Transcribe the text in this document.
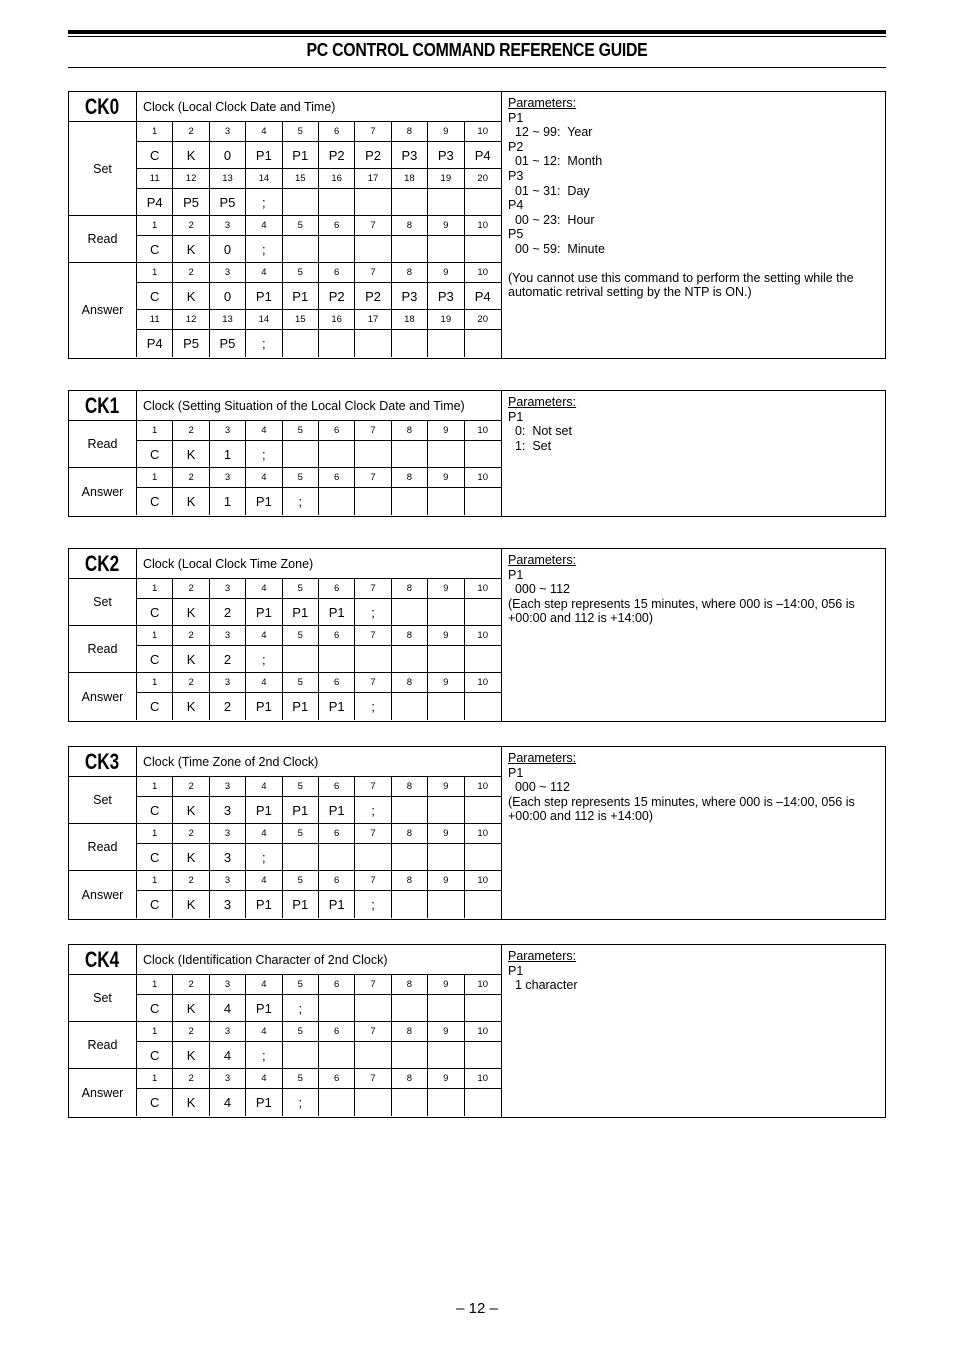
PC CONTROL COMMAND REFERENCE GUIDE
CK0	Clock (Local Clock Date and Time)
Set
1	2	3	4	5	6	7	8	9	10
C	K	0	P1	P1	P2	P2	P3	P3	P4
11	12	13	14	15	16	17	18	19	20
P4	P5	P5	;
Read
1	2	3	4	5	6	7	8	9	10
C	K	0	;
Answer
1	2	3	4	5	6	7	8	9	10
C	K	0	P1	P1	P2	P2	P3	P3	P4
11	12	13	14	15	16	17	18	19	20
P4	P5	P5	;
Parameters:
P1
12 ~ 99:  Year
P2
01 ~ 12:  Month
P3
01 ~ 31:  Day
P4
00 ~ 23:  Hour
P5
00 ~ 59:  Minute
(You cannot use this command to perform the setting while the automatic retrival setting by the NTP is ON.)
CK1	Clock (Setting Situation of the Local Clock Date and Time)
Read
1	2	3	4	5	6	7	8	9	10
C	K	1	;
Answer
1	2	3	4	5	6	7	8	9	10
C	K	1	P1	;
Parameters:
P1
0:  Not set
1:  Set
CK2	Clock (Local Clock Time Zone)
Set
1	2	3	4	5	6	7	8	9	10
C	K	2	P1	P1	P1	;
Read
1	2	3	4	5	6	7	8	9	10
C	K	2	;
Answer
1	2	3	4	5	6	7	8	9	10
C	K	2	P1	P1	P1	;
Parameters:
P1
000 ~ 112
(Each step represents 15 minutes, where 000 is –14:00, 056 is +00:00 and 112 is +14:00)
CK3	Clock (Time Zone of 2nd Clock)
Set
1	2	3	4	5	6	7	8	9	10
C	K	3	P1	P1	P1	;
Read
1	2	3	4	5	6	7	8	9	10
C	K	3	;
Answer
1	2	3	4	5	6	7	8	9	10
C	K	3	P1	P1	P1	;
Parameters:
P1
000 ~ 112
(Each step represents 15 minutes, where 000 is –14:00, 056 is +00:00 and 112 is +14:00)
CK4	Clock (Identification Character of 2nd Clock)
Set
1	2	3	4	5	6	7	8	9	10
C	K	4	P1	;
Read
1	2	3	4	5	6	7	8	9	10
C	K	4	;
Answer
1	2	3	4	5	6	7	8	9	10
C	K	4	P1	;
Parameters:
P1
1 character
– 12 –
